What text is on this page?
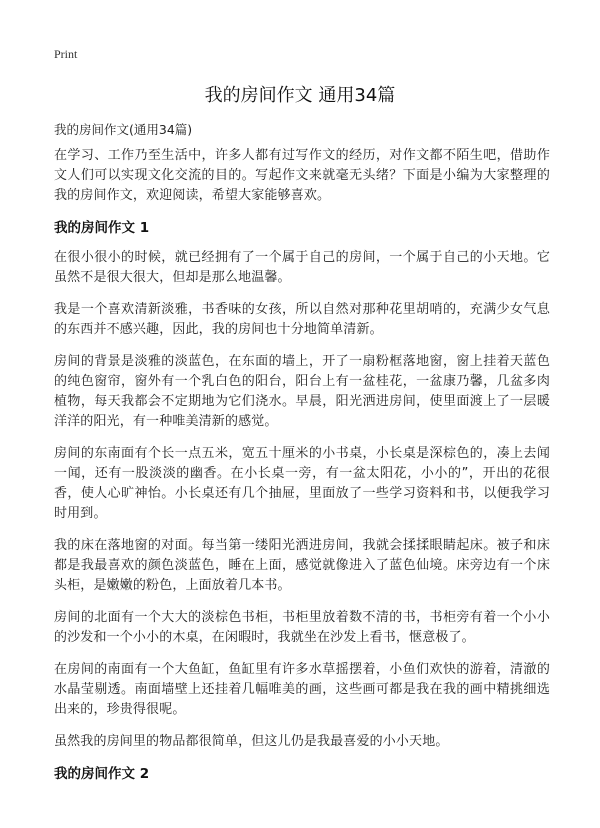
Print
我的房间作文 通用34篇
我的房间作文(通用34篇)

在学习、工作乃至生活中，许多人都有过写作文的经历，对作文都不陌生吧，借助作文人们可以实现文化交流的目的。写起作文来就毫无头绪？下面是小编为大家整理的我的房间作文，欢迎阅读，希望大家能够喜欢。

我的房间作文 1

在很小很小的时候，就已经拥有了一个属于自己的房间，一个属于自己的小天地。它虽然不是很大很大，但却是那么地温馨。

我是一个喜欢清新淡雅，书香味的女孩，所以自然对那种花里胡哨的，充满少女气息的东西并不感兴趣，因此，我的房间也十分地简单清新。

房间的背景是淡雅的淡蓝色，在东面的墙上，开了一扇粉框落地窗，窗上挂着天蓝色的纯色窗帘，窗外有一个乳白色的阳台，阳台上有一盆桂花，一盆康乃馨，几盆多肉植物，每天我都会不定期地为它们浇水。早晨，阳光洒进房间，使里面渡上了一层暖洋洋的阳光，有一种唯美清新的感觉。

房间的东南面有个长一点五米，宽五十厘米的小书桌，小长桌是深棕色的，凑上去闻一闻，还有一股淡淡的幽香。在小长桌一旁，有一盆太阳花，小小的”，开出的花很香，使人心旷神怡。小长桌还有几个抽屉，里面放了一些学习资料和书，以便我学习时用到。

我的床在落地窗的对面。每当第一缕阳光洒进房间，我就会揉揉眼睛起床。被子和床都是我最喜欢的颜色淡蓝色，睡在上面，感觉就像进入了蓝色仙境。床旁边有一个床头柜，是嫩嫩的粉色，上面放着几本书。

房间的北面有一个大大的淡棕色书柜，书柜里放着数不清的书，书柜旁有着一个小小的沙发和一个小小的木桌，在闲暇时，我就坐在沙发上看书，惬意极了。

在房间的南面有一个大鱼缸，鱼缸里有许多水草摇摆着，小鱼们欢快的游着，清澈的水晶莹剔透。南面墙壁上还挂着几幅唯美的画，这些画可都是我在我的画中精挑细选出来的，珍贵得很呢。

虽然我的房间里的物品都很简单，但这儿仍是我最喜爱的小小天地。

我的房间作文 2
